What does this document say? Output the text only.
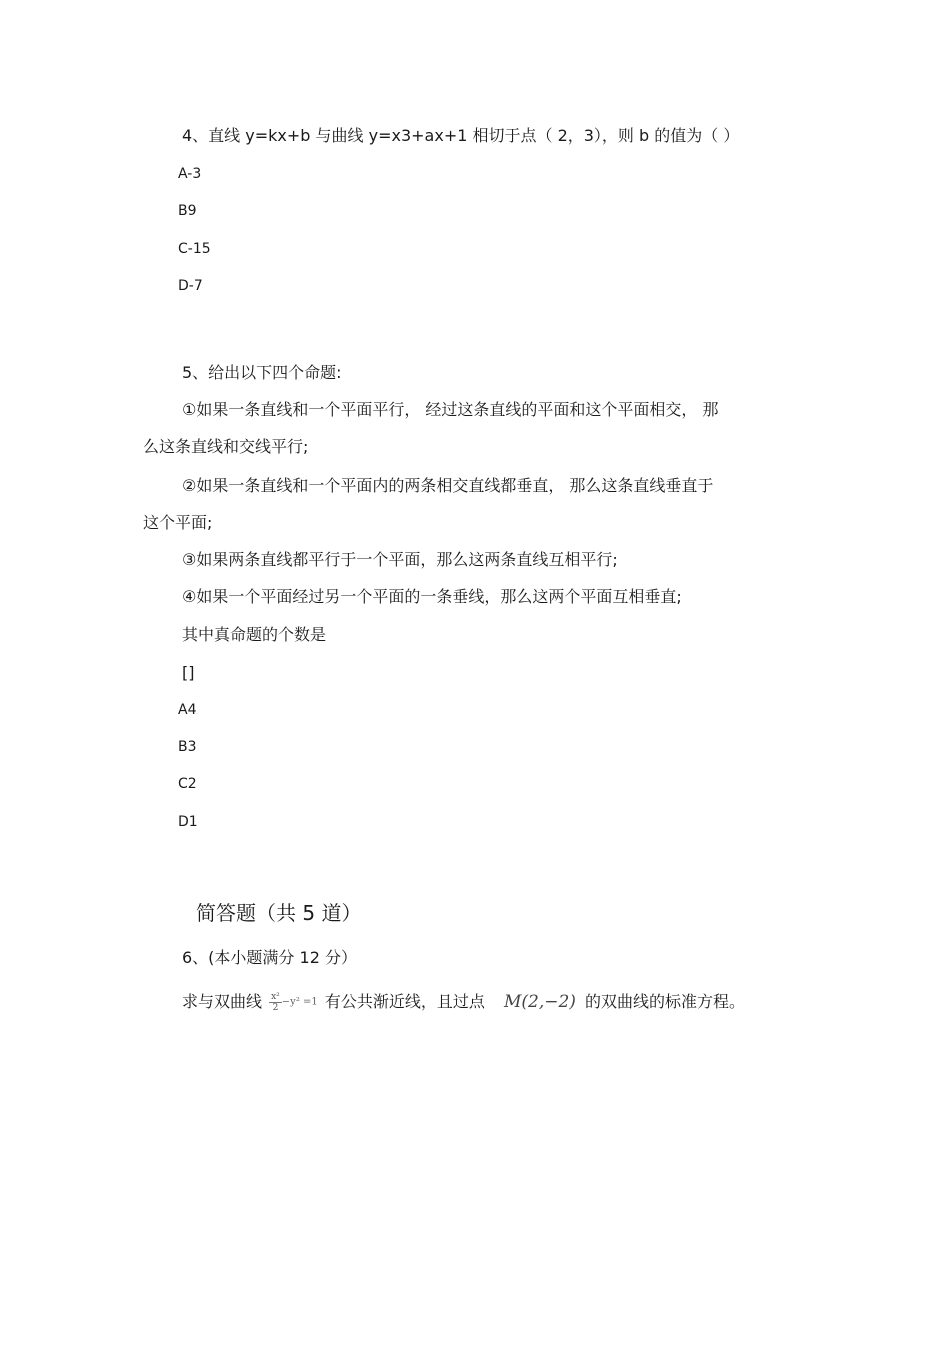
4、直线 y=kx+b 与曲线 y=x3+ax+1 相切于点（ 2，3），则 b 的值为（ ）
A-3
B9
C-15
D-7
5、给出以下四个命题:
①如果一条直线和一个平面平行， 经过这条直线的平面和这个平面相交， 那
么这条直线和交线平行;
②如果一条直线和一个平面内的两条相交直线都垂直， 那么这条直线垂直于
这个平面;
③如果两条直线都平行于一个平面，那么这两条直线互相平行;
④如果一个平面经过另一个平面的一条垂线，那么这两个平面互相垂直;
其中真命题的个数是
[]
A4
B3
C2
D1
简答题（共 5 道）
6、(本小题满分 12 分）
求与双曲线 $\frac{\text{x²}}{2} -y^2 =1$ 有公共渐近线，且过点 M(2,−2) 的双曲线的标准方程。
